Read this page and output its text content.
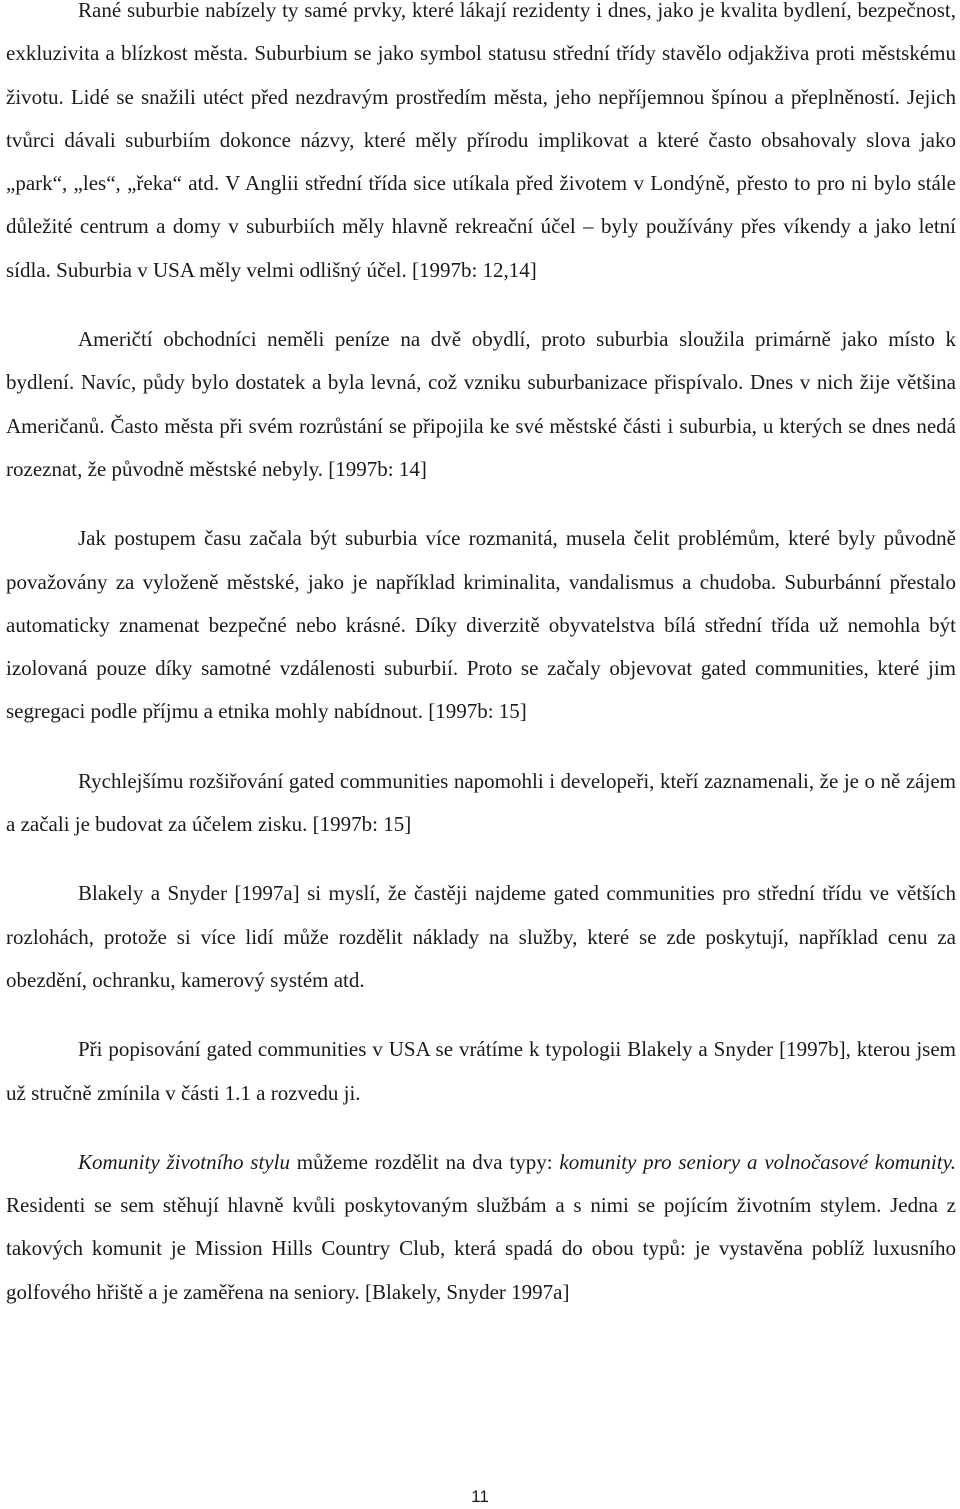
Rané suburbie nabízely ty samé prvky, které lákají rezidenty i dnes, jako je kvalita bydlení, bezpečnost, exkluzivita a blízkost města. Suburbium se jako symbol statusu střední třídy stavělo odjakživa proti městskému životu. Lidé se snažili utéct před nezdravým prostředím města, jeho nepříjemnou špínou a přeplněností. Jejich tvůrci dávali suburbiím dokonce názvy, které měly přírodu implikovat a které často obsahovaly slova jako „park“, „les“, „řeka“ atd. V Anglii střední třída sice utíkala před životem v Londýně, přesto to pro ni bylo stále důležité centrum a domy v suburbiích měly hlavně rekreační účel – byly používány přes víkendy a jako letní sídla. Suburbia v USA měly velmi odlišný účel. [1997b: 12,14]

Američtí obchodníci neměli peníze na dvě obydlí, proto suburbia sloužila primárně jako místo k bydlení. Navíc, půdy bylo dostatek a byla levná, což vzniku suburbanizace přispívalo. Dnes v nich žije většina Američanů. Často města při svém rozrůstání se připojila ke své městské části i suburbia, u kterých se dnes nedá rozeznat, že původně městské nebyly. [1997b: 14]

Jak postupem času začala být suburbia více rozmanitá, musela čelit problémům, které byly původně považovány za vyloženě městské, jako je například kriminalita, vandalismus a chudoba. Suburbánní přestalo automaticky znamenat bezpečné nebo krásné. Díky diverzitě obyvatelstva bílá střední třída už nemohla být izolovaná pouze díky samotné vzdálenosti suburbií. Proto se začaly objevovat gated communities, které jim segregaci podle příjmu a etnika mohly nabídnout. [1997b: 15]

Rychlejšímu rozšiřování gated communities napomohli i developeři, kteří zaznamenali, že je o ně zájem a začali je budovat za účelem zisku. [1997b: 15]

Blakely a Snyder [1997a] si myslí, že častěji najdeme gated communities pro střední třídu ve větších rozlohách, protože si více lidí může rozdělit náklady na služby, které se zde poskytují, například cenu za obezdění, ochranku, kamerový systém atd.

Při popisování gated communities v USA se vrátíme k typologii Blakely a Snyder [1997b], kterou jsem už stručně zmínila v části 1.1 a rozvedu ji.

Komunity životního stylu můžeme rozdělit na dva typy: komunity pro seniory a volnočasové komunity. Residenti se sem stěhují hlavně kvůli poskytovaným službám a s nimi se pojícím životním stylem. Jedna z takových komunit je Mission Hills Country Club, která spadá do obou typů: je vystavěna poblíž luxusního golfového hřiště a je zaměřena na seniory. [Blakely, Snyder 1997a]

11
